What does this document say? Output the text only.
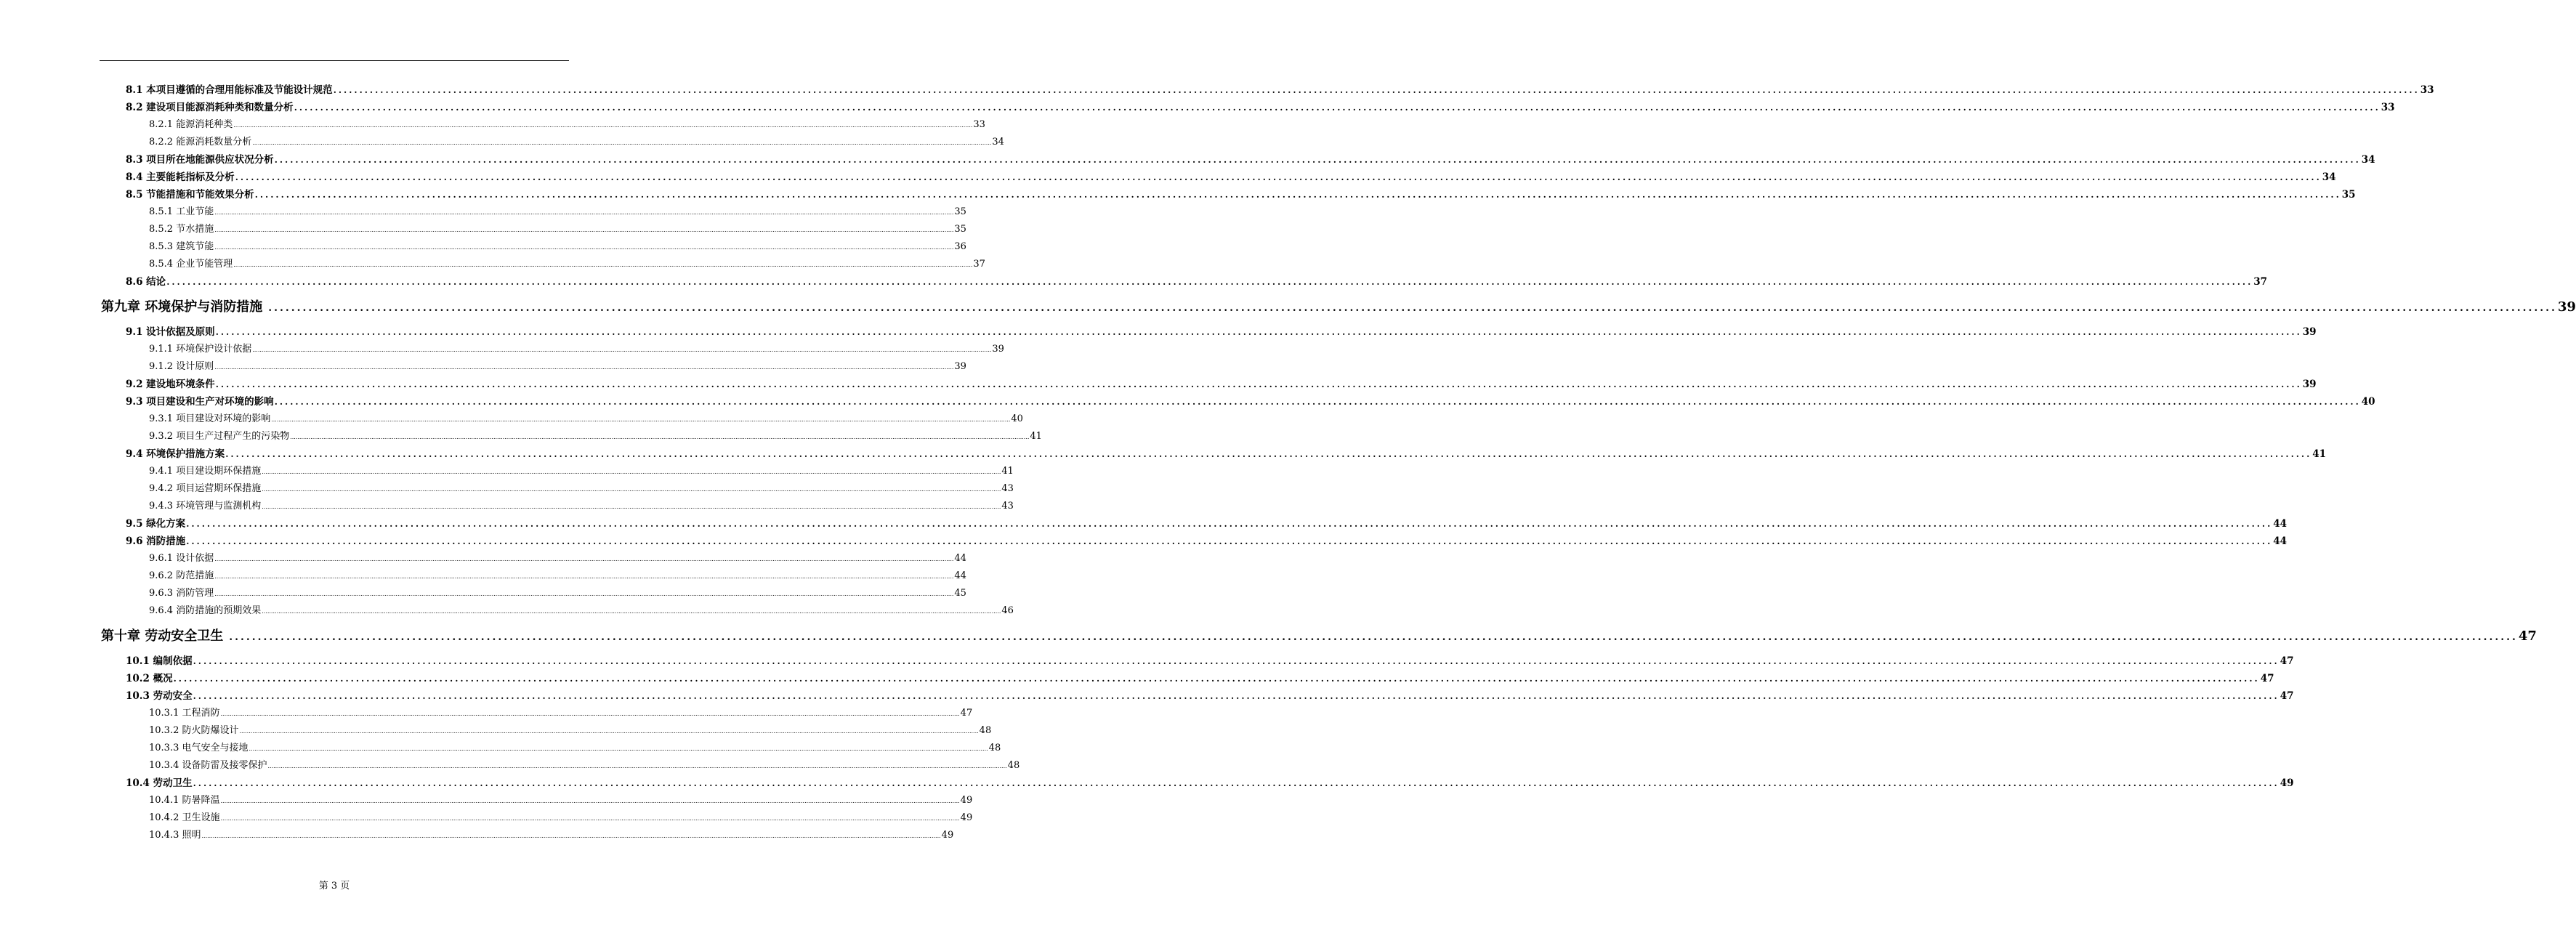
8.1 本项目遵循的合理用能标准及节能设计规范 ................................................................................................................................................................................................................................................................................................................................................................................................................ 33
8.2 建设项目能源消耗种类和数量分析 ................................................................................................................................................................................................................................................................................................................................................................................................................ 33
8.2.1 能源消耗种类 ................................................................................................................................................................................................................................................................................................................................................................................................................ 33
8.2.2 能源消耗数量分析 ................................................................................................................................................................................................................................................................................................................................................................................................................ 34
8.3 项目所在地能源供应状况分析 ................................................................................................................................................................................................................................................................................................................................................................................................................ 34
8.4 主要能耗指标及分析 ................................................................................................................................................................................................................................................................................................................................................................................................................ 34
8.5 节能措施和节能效果分析 ................................................................................................................................................................................................................................................................................................................................................................................................................ 35
8.5.1 工业节能 ................................................................................................................................................................................................................................................................................................................................................................................................................ 35
8.5.2 节水措施 ................................................................................................................................................................................................................................................................................................................................................................................................................ 35
8.5.3 建筑节能 ................................................................................................................................................................................................................................................................................................................................................................................................................ 36
8.5.4 企业节能管理 ................................................................................................................................................................................................................................................................................................................................................................................................................ 37
8.6 结论 ................................................................................................................................................................................................................................................................................................................................................................................................................ 37
第九章 环境保护与消防措施 ................................................................................................................................................................................................................................................................................................................................................................................................................ 39
9.1 设计依据及原则 ................................................................................................................................................................................................................................................................................................................................................................................................................ 39
9.1.1 环境保护设计依据 ................................................................................................................................................................................................................................................................................................................................................................................................................ 39
9.1.2 设计原则 ................................................................................................................................................................................................................................................................................................................................................................................................................ 39
9.2 建设地环境条件 ................................................................................................................................................................................................................................................................................................................................................................................................................ 39
9.3 项目建设和生产对环境的影响 ................................................................................................................................................................................................................................................................................................................................................................................................................ 40
9.3.1 项目建设对环境的影响 ................................................................................................................................................................................................................................................................................................................................................................................................................ 40
9.3.2 项目生产过程产生的污染物 ................................................................................................................................................................................................................................................................................................................................................................................................................ 41
9.4 环境保护措施方案 ................................................................................................................................................................................................................................................................................................................................................................................................................ 41
9.4.1 项目建设期环保措施 ................................................................................................................................................................................................................................................................................................................................................................................................................ 41
9.4.2 项目运营期环保措施 ................................................................................................................................................................................................................................................................................................................................................................................................................ 43
9.4.3 环境管理与监测机构 ................................................................................................................................................................................................................................................................................................................................................................................................................ 43
9.5 绿化方案 ................................................................................................................................................................................................................................................................................................................................................................................................................ 44
9.6 消防措施 ................................................................................................................................................................................................................................................................................................................................................................................................................ 44
9.6.1 设计依据 ................................................................................................................................................................................................................................................................................................................................................................................................................ 44
9.6.2 防范措施 ................................................................................................................................................................................................................................................................................................................................................................................................................ 44
9.6.3 消防管理 ................................................................................................................................................................................................................................................................................................................................................................................................................ 45
9.6.4 消防措施的预期效果 ................................................................................................................................................................................................................................................................................................................................................................................................................ 46
第十章 劳动安全卫生 ................................................................................................................................................................................................................................................................................................................................................................................................................ 47
10.1 编制依据 ................................................................................................................................................................................................................................................................................................................................................................................................................ 47
10.2 概况 ................................................................................................................................................................................................................................................................................................................................................................................................................ 47
10.3 劳动安全 ................................................................................................................................................................................................................................................................................................................................................................................................................ 47
10.3.1 工程消防 ................................................................................................................................................................................................................................................................................................................................................................................................................ 47
10.3.2 防火防爆设计 ................................................................................................................................................................................................................................................................................................................................................................................................................ 48
10.3.3 电气安全与接地 ................................................................................................................................................................................................................................................................................................................................................................................................................ 48
10.3.4 设备防雷及接零保护 ................................................................................................................................................................................................................................................................................................................................................................................................................ 48
10.4 劳动卫生 ................................................................................................................................................................................................................................................................................................................................................................................................................ 49
10.4.1 防暑降温 ................................................................................................................................................................................................................................................................................................................................................................................................................ 49
10.4.2 卫生设施 ................................................................................................................................................................................................................................................................................................................................................................................................................ 49
10.4.3 照明 ................................................................................................................................................................................................................................................................................................................................................................................................................ 49
第 3 页
